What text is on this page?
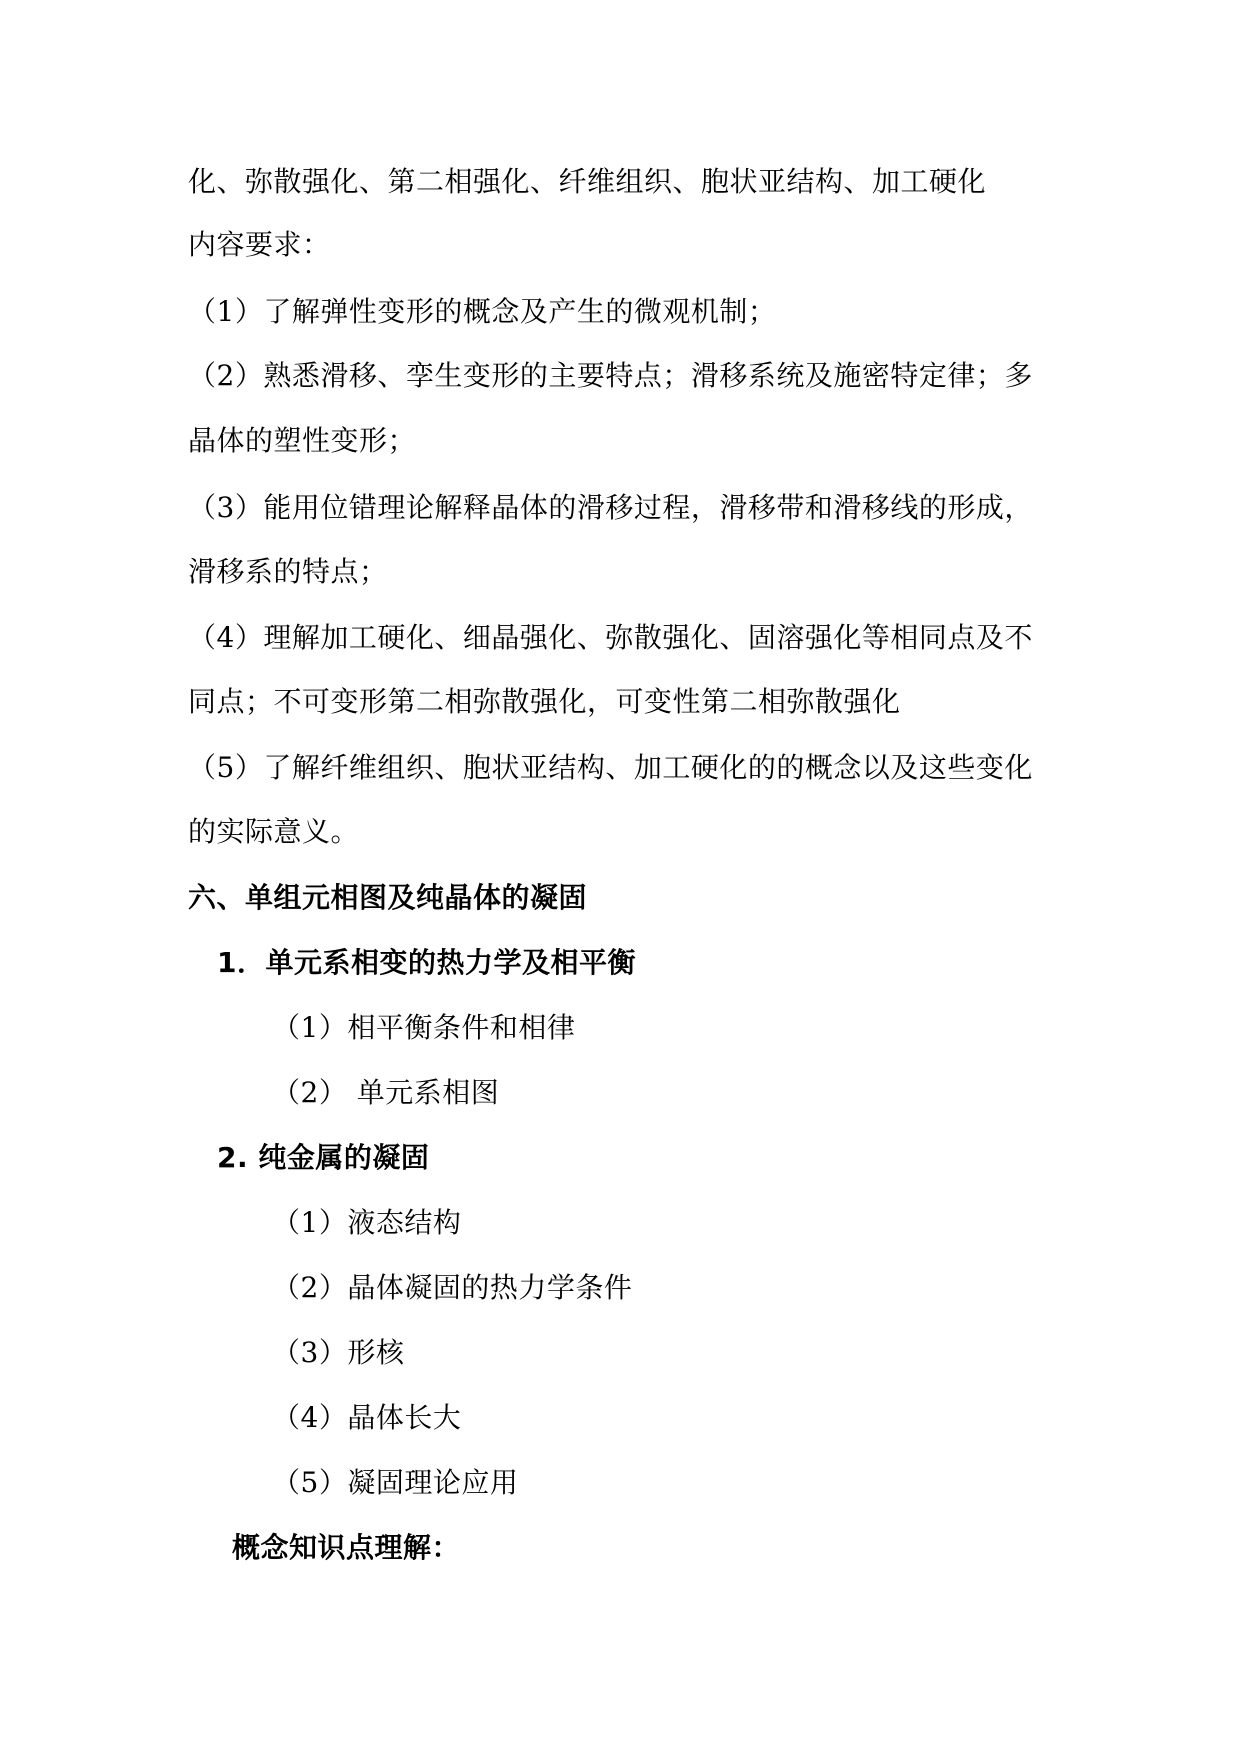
化、弥散强化、第二相强化、纤维组织、胞状亚结构、加工硬化
内容要求：
（1）了解弹性变形的概念及产生的微观机制；
（2）熟悉滑移、孪生变形的主要特点；滑移系统及施密特定律；多
晶体的塑性变形；
（3）能用位错理论解释晶体的滑移过程，滑移带和滑移线的形成，
滑移系的特点；
（4）理解加工硬化、细晶强化、弥散强化、固溶强化等相同点及不
同点；不可变形第二相弥散强化，可变性第二相弥散强化
（5）了解纤维组织、胞状亚结构、加工硬化的的概念以及这些变化
的实际意义。
六、单组元相图及纯晶体的凝固
1．单元系相变的热力学及相平衡
（1）相平衡条件和相律
（2） 单元系相图
2. 纯金属的凝固
（1）液态结构
（2）晶体凝固的热力学条件
（3）形核
（4）晶体长大
（5）凝固理论应用
概念知识点理解：
